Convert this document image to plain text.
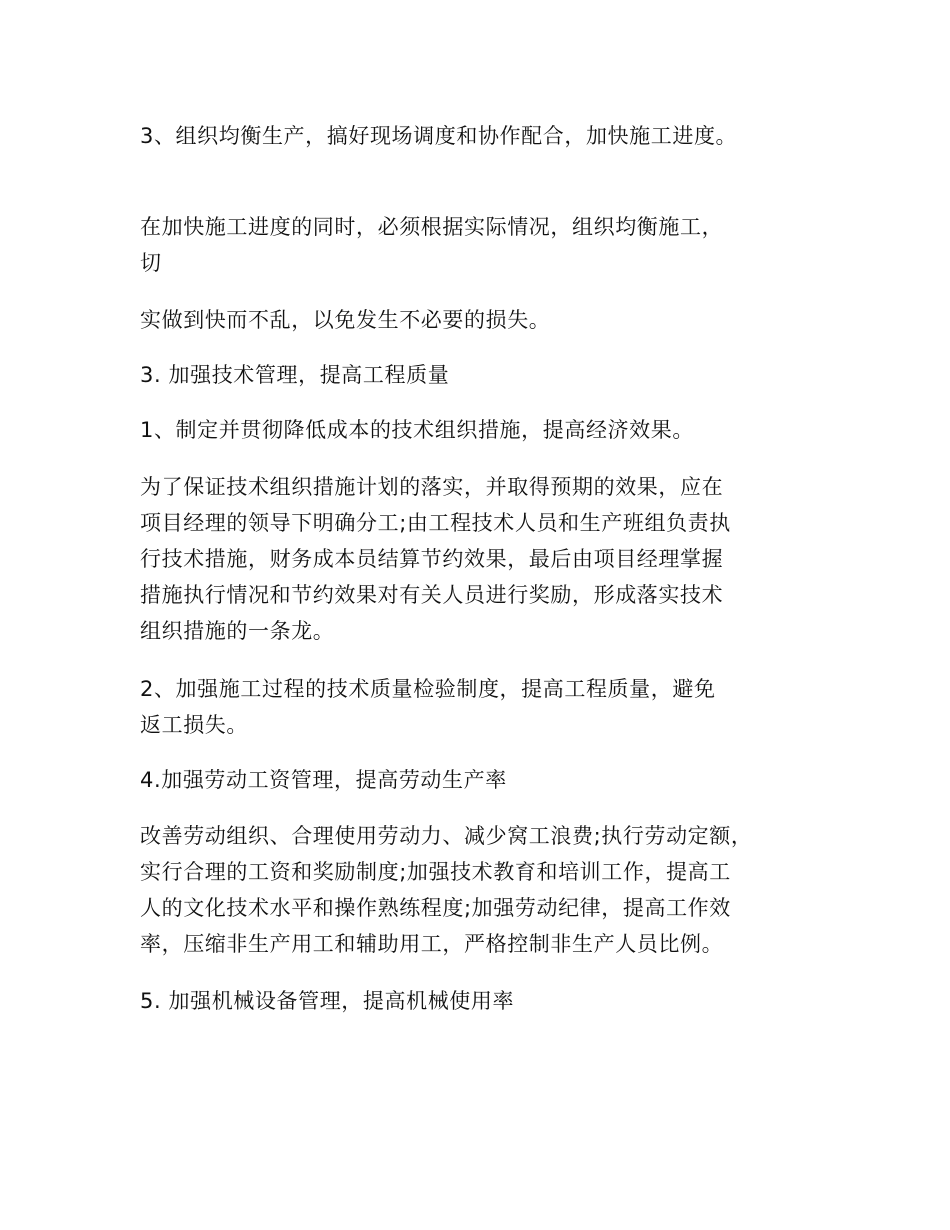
3、组织均衡生产，搞好现场调度和协作配合，加快施工进度。

在加快施工进度的同时，必须根据实际情况，组织均衡施工，
切

实做到快而不乱，以免发生不必要的损失。

3. 加强技术管理，提高工程质量

1、制定并贯彻降低成本的技术组织措施，提高经济效果。

为了保证技术组织措施计划的落实，并取得预期的效果，应在
项目经理的领导下明确分工;由工程技术人员和生产班组负责执
行技术措施，财务成本员结算节约效果，最后由项目经理掌握
措施执行情况和节约效果对有关人员进行奖励，形成落实技术
组织措施的一条龙。

2、加强施工过程的技术质量检验制度，提高工程质量，避免
返工损失。

4.加强劳动工资管理，提高劳动生产率

改善劳动组织、合理使用劳动力、减少窝工浪费;执行劳动定额，
实行合理的工资和奖励制度;加强技术教育和培训工作，提高工
人的文化技术水平和操作熟练程度;加强劳动纪律，提高工作效
率，压缩非生产用工和辅助用工，严格控制非生产人员比例。

5. 加强机械设备管理，提高机械使用率
